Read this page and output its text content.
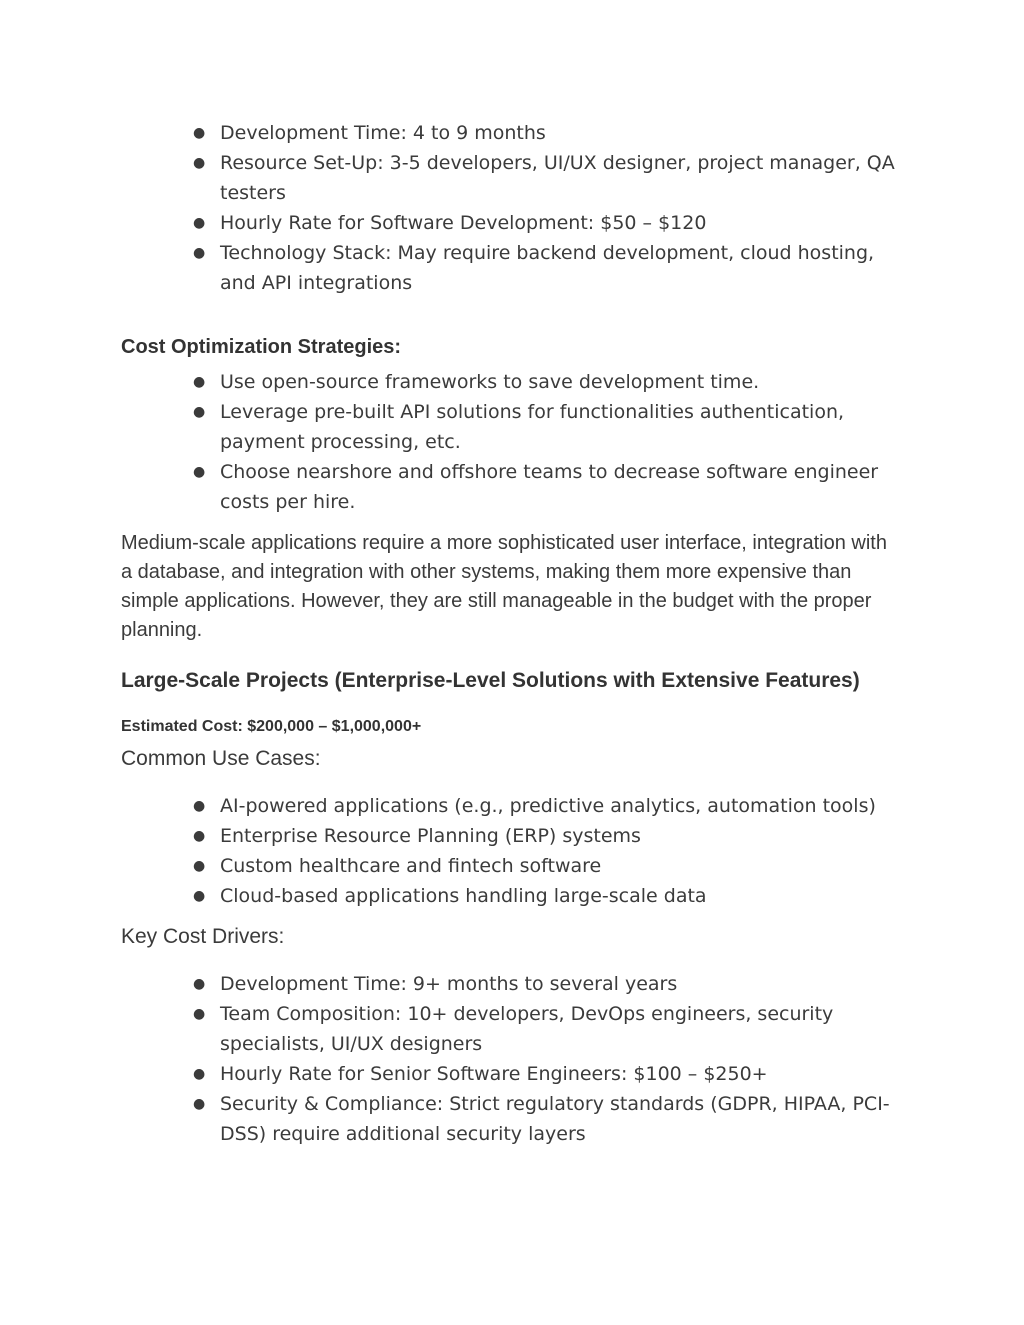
● Development Time: 4 to 9 months
● Resource Set-Up: 3-5 developers, UI/UX designer, project manager, QA testers
● Hourly Rate for Software Development: $50 – $120
● Technology Stack: May require backend development, cloud hosting, and API integrations
Cost Optimization Strategies:
● Use open-source frameworks to save development time.
● Leverage pre-built API solutions for functionalities authentication, payment processing, etc.
● Choose nearshore and offshore teams to decrease software engineer costs per hire.

Medium-scale applications require a more sophisticated user interface, integration with a database, and integration with other systems, making them more expensive than simple applications. However, they are still manageable in the budget with the proper planning.

Large-Scale Projects (Enterprise-Level Solutions with Extensive Features)
Estimated Cost: $200,000 – $1,000,000+
Common Use Cases:
● AI-powered applications (e.g., predictive analytics, automation tools)
● Enterprise Resource Planning (ERP) systems
● Custom healthcare and fintech software
● Cloud-based applications handling large-scale data
Key Cost Drivers:
● Development Time: 9+ months to several years
● Team Composition: 10+ developers, DevOps engineers, security specialists, UI/UX designers
● Hourly Rate for Senior Software Engineers: $100 – $250+
● Security & Compliance: Strict regulatory standards (GDPR, HIPAA, PCI-DSS) require additional security layers
